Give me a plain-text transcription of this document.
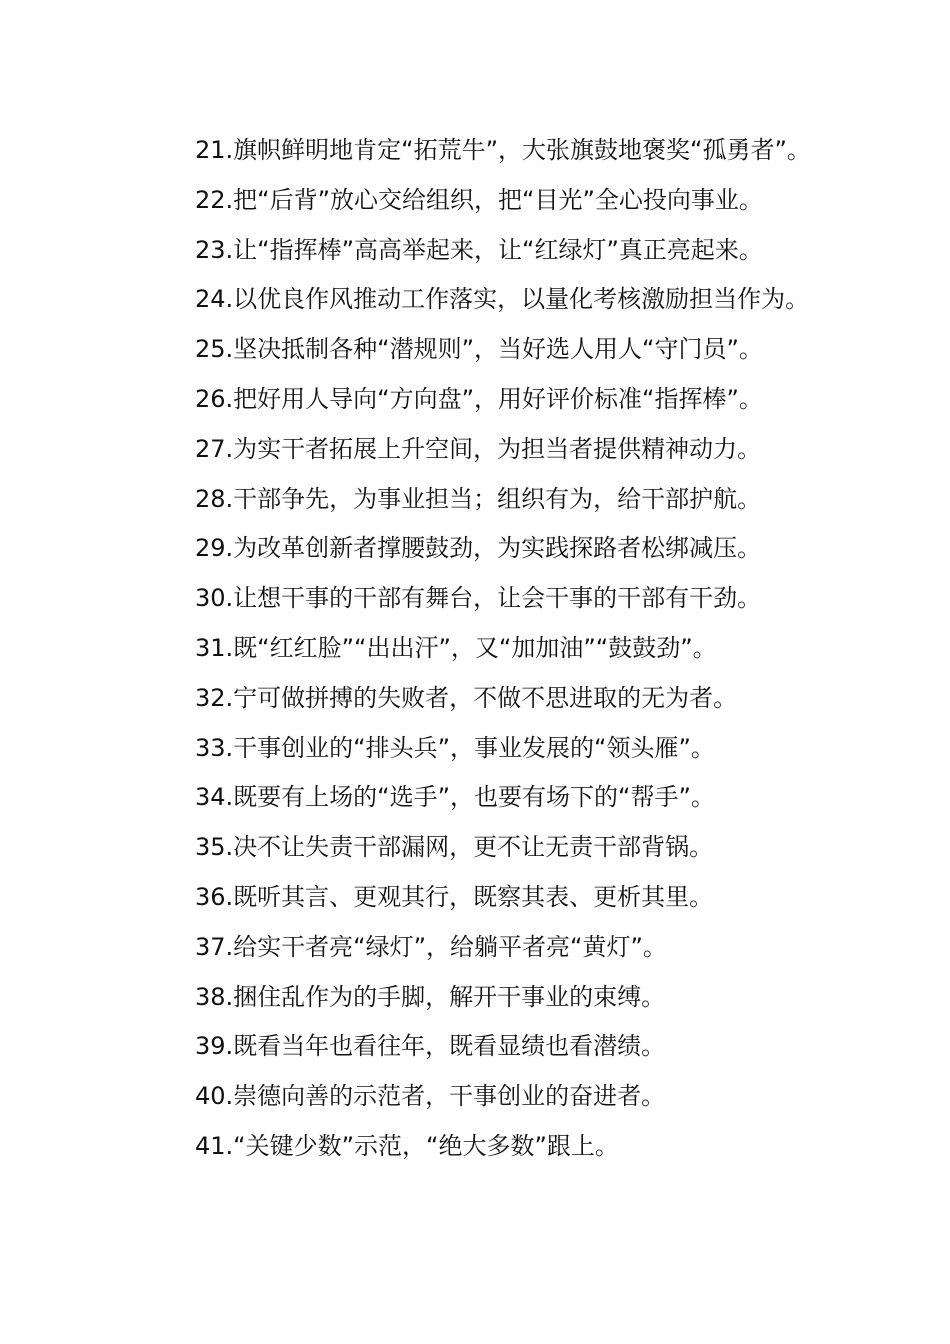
21.旗帜鲜明地肯定“拓荒牛”，大张旗鼓地褒奖“孤勇者”。

22.把“后背”放心交给组织，把“目光”全心投向事业。

23.让“指挥棒”高高举起来，让“红绿灯”真正亮起来。

24.以优良作风推动工作落实，以量化考核激励担当作为。

25.坚决抵制各种“潜规则”，当好选人用人“守门员”。

26.把好用人导向“方向盘”，用好评价标准“指挥棒”。

27.为实干者拓展上升空间，为担当者提供精神动力。

28.干部争先，为事业担当；组织有为，给干部护航。

29.为改革创新者撑腰鼓劲，为实践探路者松绑减压。

30.让想干事的干部有舞台，让会干事的干部有干劲。

31.既“红红脸”“出出汗”，又“加加油”“鼓鼓劲”。

32.宁可做拼搏的失败者，不做不思进取的无为者。

33.干事创业的“排头兵”，事业发展的“领头雁”。

34.既要有上场的“选手”，也要有场下的“帮手”。

35.决不让失责干部漏网，更不让无责干部背锅。

36.既听其言、更观其行，既察其表、更析其里。

37.给实干者亮“绿灯”，给躺平者亮“黄灯”。

38.捆住乱作为的手脚，解开干事业的束缚。

39.既看当年也看往年，既看显绩也看潜绩。

40.崇德向善的示范者，干事创业的奋进者。

41.“关键少数”示范，“绝大多数”跟上。
